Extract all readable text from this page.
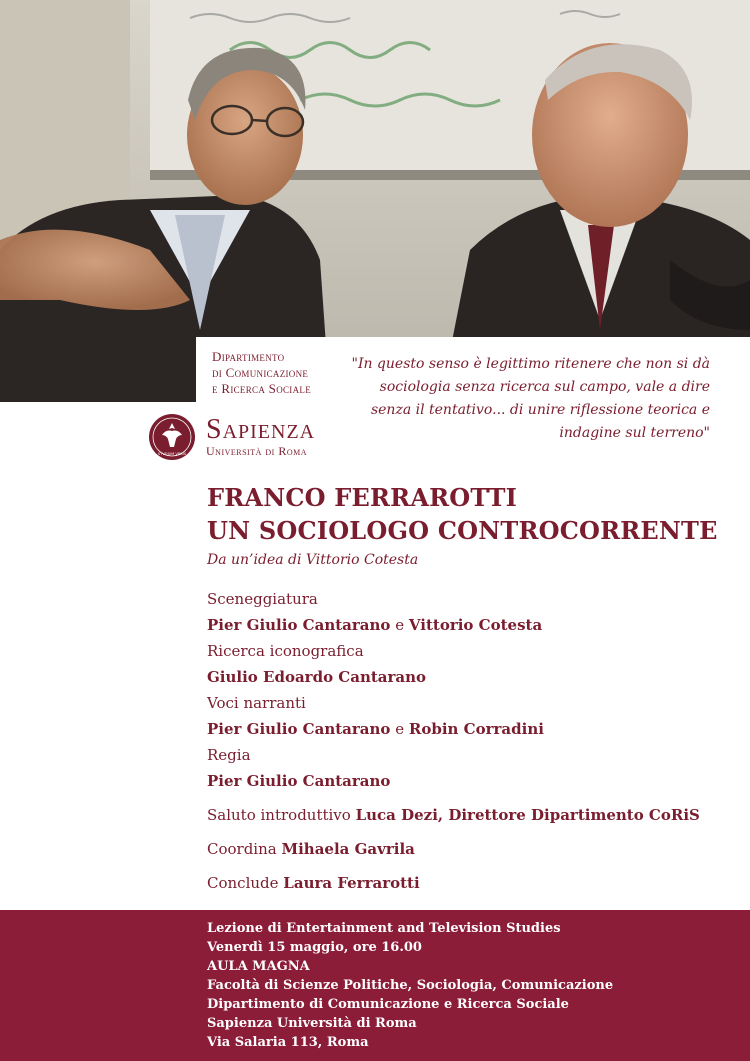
Dipartimento
di Comunicazione
e Ricerca Sociale
"In questo senso è legittimo ritenere che non si dà sociologia senza ricerca sul campo, vale a dire senza il tentativo... di unire riflessione teorica e indagine sul terreno"
STVDIVM VRBIS
Sapienza
Università di Roma
FRANCO FERRAROTTI
UN SOCIOLOGO CONTROCORRENTE
Da un’idea di Vittorio Cotesta
Sceneggiatura
Pier Giulio Cantarano e Vittorio Cotesta
Ricerca iconografica
Giulio Edoardo Cantarano
Voci narranti
Pier Giulio Cantarano e Robin Corradini
Regia
Pier Giulio Cantarano
Saluto introduttivo Luca Dezi, Direttore Dipartimento CoRiS
Coordina Mihaela Gavrila
Conclude Laura Ferrarotti
Lezione di Entertainment and Television Studies
Venerdì 15 maggio, ore 16.00
AULA MAGNA
Facoltà di Scienze Politiche, Sociologia, Comunicazione
Dipartimento di Comunicazione e Ricerca Sociale
Sapienza Università di Roma
Via Salaria 113, Roma
